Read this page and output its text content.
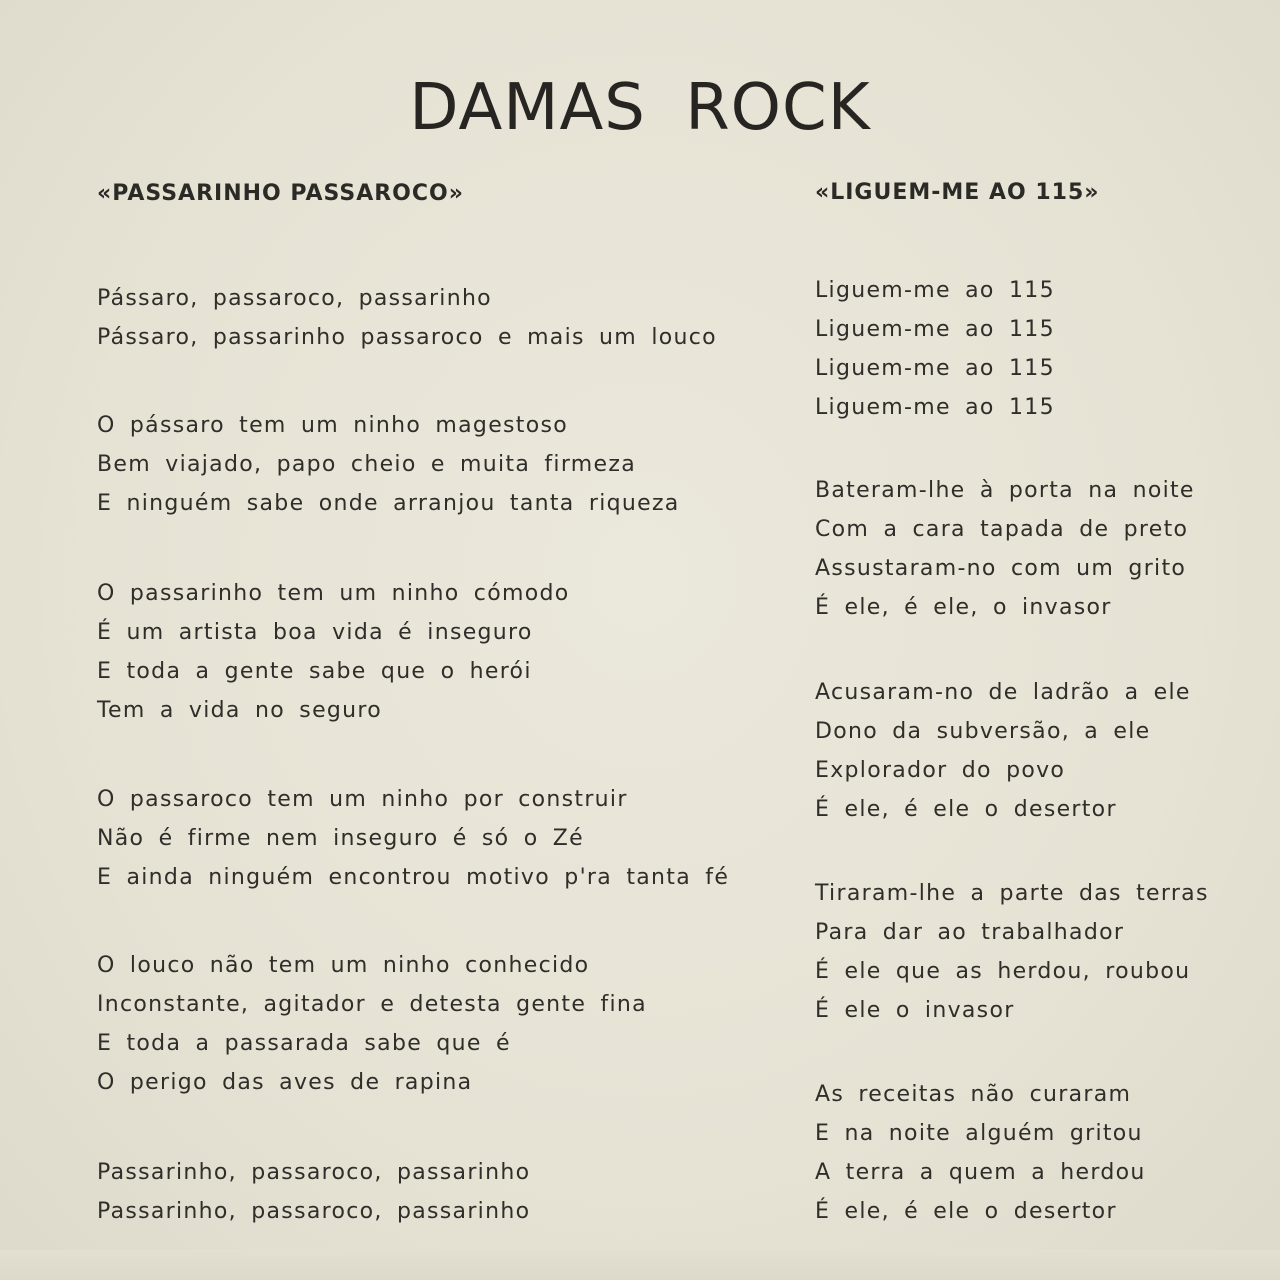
DAMAS ROCK
«PASSARINHO PASSAROCO»
Pássaro, passaroco, passarinho
Pássaro, passarinho passaroco e mais um louco
O pássaro tem um ninho magestoso
Bem viajado, papo cheio e muita firmeza
E ninguém sabe onde arranjou tanta riqueza
O passarinho tem um ninho cómodo
É um artista boa vida é inseguro
E toda a gente sabe que o herói
Tem a vida no seguro
O passaroco tem um ninho por construir
Não é firme nem inseguro é só o Zé
E ainda ninguém encontrou motivo p'ra tanta fé
O louco não tem um ninho conhecido
Inconstante, agitador e detesta gente fina
E toda a passarada sabe que é
O perigo das aves de rapina
Passarinho, passaroco, passarinho
Passarinho, passaroco, passarinho
«LIGUEM-ME AO 115»
Liguem-me ao 115
Liguem-me ao 115
Liguem-me ao 115
Liguem-me ao 115
Bateram-lhe à porta na noite
Com a cara tapada de preto
Assustaram-no com um grito
É ele, é ele, o invasor
Acusaram-no de ladrão a ele
Dono da subversão, a ele
Explorador do povo
É ele, é ele o desertor
Tiraram-lhe a parte das terras
Para dar ao trabalhador
É ele que as herdou, roubou
É ele o invasor
As receitas não curaram
E na noite alguém gritou
A terra a quem a herdou
É ele, é ele o desertor
